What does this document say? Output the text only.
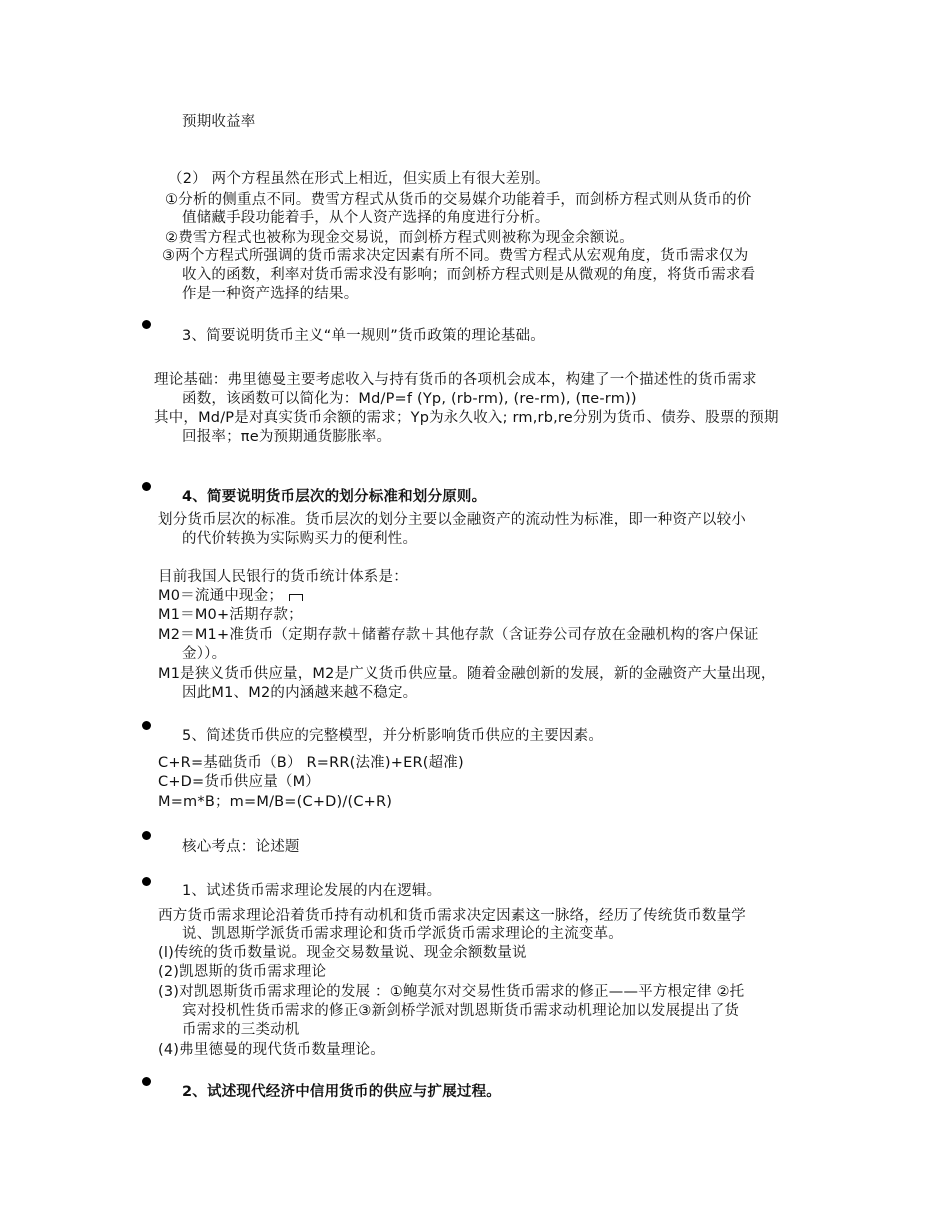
预期收益率
（2） 两个方程虽然在形式上相近，但实质上有很大差别。
①分析的侧重点不同。费雪方程式从货币的交易媒介功能着手，而剑桥方程式则从货币的价
值储藏手段功能着手，从个人资产选择的角度进行分析。
②费雪方程式也被称为现金交易说，而剑桥方程式则被称为现金余额说。
③两个方程式所强调的货币需求决定因素有所不同。费雪方程式从宏观角度，货币需求仅为
收入的函数，利率对货币需求没有影响；而剑桥方程式则是从微观的角度，将货币需求看
作是一种资产选择的结果。
3、简要说明货币主义“单一规则”货币政策的理论基础。
理论基础：弗里德曼主要考虑收入与持有货币的各项机会成本，构建了一个描述性的货币需求
函数，该函数可以简化为：Md/P=f (Yp, (rb-rm), (re-rm), (πe-rm))
其中，Md/P是对真实货币余额的需求；Yp为永久收入; rm,rb,re分别为货币、债券、股票的预期
回报率；πe为预期通货膨胀率。
4、简要说明货币层次的划分标准和划分原则。
划分货币层次的标准。货币层次的划分主要以金融资产的流动性为标准，即一种资产以较小
的代价转换为实际购买力的便利性。
目前我国人民银行的货币统计体系是：
M0＝流通中现金；
M1＝M0+活期存款；
M2＝M1+准货币（定期存款＋储蓄存款＋其他存款（含证券公司存放在金融机构的客户保证
金））。
M1是狭义货币供应量，M2是广义货币供应量。随着金融创新的发展，新的金融资产大量出现，
因此M1、M2的内涵越来越不稳定。
5、简述货币供应的完整模型，并分析影响货币供应的主要因素。
C+R=基础货币（B） R=RR(法准)+ER(超准)
C+D=货币供应量（M）
M=m*B；m=M/B=(C+D)/(C+R)
核心考点：论述题
1、试述货币需求理论发展的内在逻辑。
西方货币需求理论沿着货币持有动机和货币需求决定因素这一脉络，经历了传统货币数量学
说、凯恩斯学派货币需求理论和货币学派货币需求理论的主流变革。
(l)传统的货币数量说。现金交易数量说、现金余额数量说
(2)凯恩斯的货币需求理论
(3)对凯恩斯货币需求理论的发展 ：①鲍莫尔对交易性货币需求的修正——平方根定律 ②托
宾对投机性货币需求的修正③新剑桥学派对凯恩斯货币需求动机理论加以发展提出了货
币需求的三类动机
(4)弗里德曼的现代货币数量理论。
2、试述现代经济中信用货币的供应与扩展过程。
